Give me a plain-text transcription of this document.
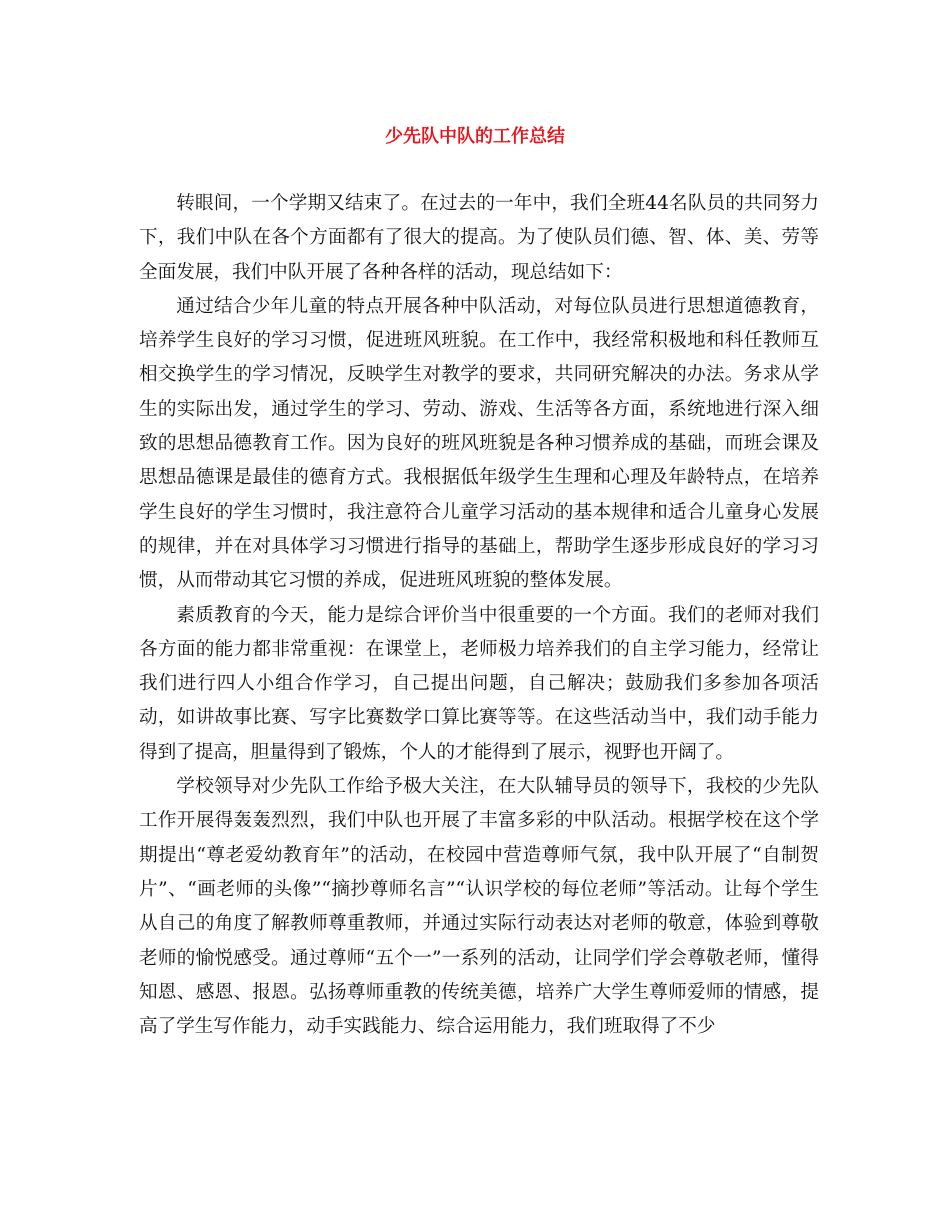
少先队中队的工作总结

转眼间，一个学期又结束了。在过去的一年中，我们全班44名队员的共同努力下，我们中队在各个方面都有了很大的提高。为了使队员们德、智、体、美、劳等全面发展，我们中队开展了各种各样的活动，现总结如下：

通过结合少年儿童的特点开展各种中队活动，对每位队员进行思想道德教育，培养学生良好的学习习惯，促进班风班貌。在工作中，我经常积极地和科任教师互相交换学生的学习情况，反映学生对教学的要求，共同研究解决的办法。务求从学生的实际出发，通过学生的学习、劳动、游戏、生活等各方面，系统地进行深入细致的思想品德教育工作。因为良好的班风班貌是各种习惯养成的基础，而班会课及思想品德课是最佳的德育方式。我根据低年级学生生理和心理及年龄特点，在培养学生良好的学生习惯时，我注意符合儿童学习活动的基本规律和适合儿童身心发展的规律，并在对具体学习习惯进行指导的基础上，帮助学生逐步形成良好的学习习惯，从而带动其它习惯的养成，促进班风班貌的整体发展。

素质教育的今天，能力是综合评价当中很重要的一个方面。我们的老师对我们各方面的能力都非常重视：在课堂上，老师极力培养我们的自主学习能力，经常让我们进行四人小组合作学习，自己提出问题，自己解决；鼓励我们多参加各项活动，如讲故事比赛、写字比赛数学口算比赛等等。在这些活动当中，我们动手能力得到了提高，胆量得到了锻炼，个人的才能得到了展示，视野也开阔了。

学校领导对少先队工作给予极大关注，在大队辅导员的领导下，我校的少先队工作开展得轰轰烈烈，我们中队也开展了丰富多彩的中队活动。根据学校在这个学期提出“尊老爱幼教育年”的活动，在校园中营造尊师气氛，我中队开展了“自制贺片”、“画老师的头像”“摘抄尊师名言”“认识学校的每位老师”等活动。让每个学生从自己的角度了解教师尊重教师，并通过实际行动表达对老师的敬意，体验到尊敬老师的愉悦感受。通过尊师“五个一”一系列的活动，让同学们学会尊敬老师，懂得知恩、感恩、报恩。弘扬尊师重教的传统美德，培养广大学生尊师爱师的情感，提高了学生写作能力，动手实践能力、综合运用能力，我们班取得了不少
